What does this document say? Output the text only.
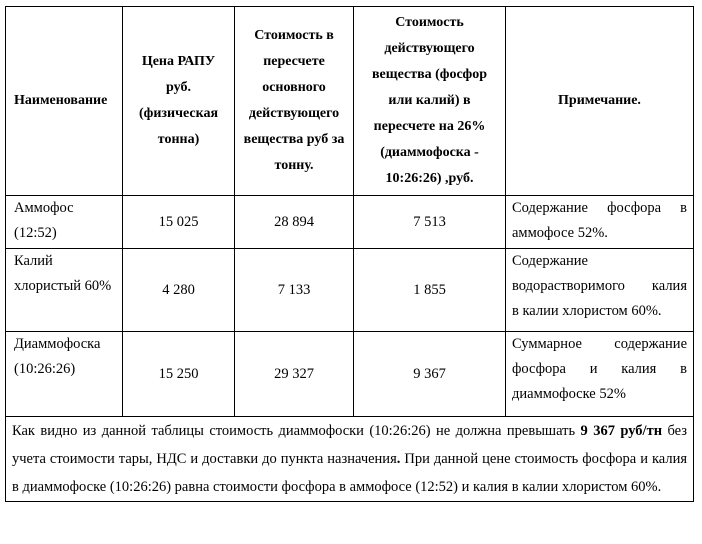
Наименование	Цена РАПУ руб. (физическая тонна)	Стоимость в пересчете основного действующего вещества руб за тонну.	Стоимость действующего вещества (фосфор или калий) в пересчете на 26% (диаммофоска - 10:26:26) ,руб.	Примечание.
Аммофос (12:52)	15 025	28 894	7 513	Содержание фосфора в
аммофосе 52%.

Калий хлористый 60%	4 280	7 133	1 855	Содержание водорастворимого калия
в калии хлористом 60%.

Диаммофоска (10:26:26)	15 250	29 327	9 367	Суммарное содержание фосфора и калия в
диаммофоске 52%

Как видно из данной таблицы стоимость диаммофоски (10:26:26) не должна превышать 9 367 руб/тн без учета стоимости тары, НДС и доставки до пункта назначения. При данной цене стоимость фосфора и калия в диаммофоске (10:26:26) равна стоимости фосфора в аммофосе (12:52) и калия в калии хлористом 60%.				
